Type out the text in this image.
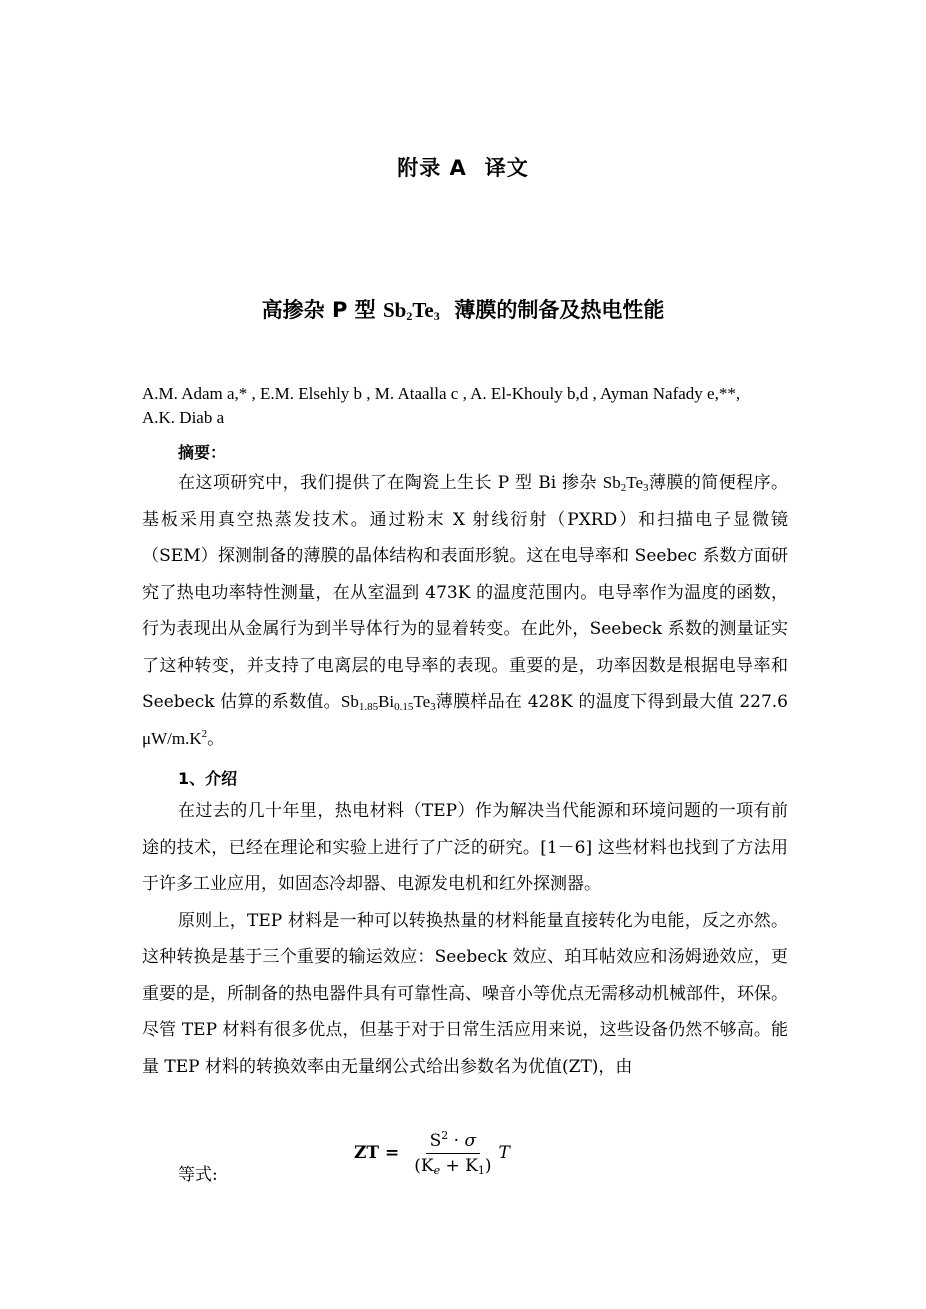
附录 A 译文
高掺杂 P 型 $Sb_2Te_3$  薄膜的制备及热电性能
A.M. Adam a,* , E.M. Elsehly b , M. Ataalla c , A. El-Khouly b,d , Ayman Nafady e,**,
A.K. Diab a
摘要：

在这项研究中，我们提供了在陶瓷上生长 P 型 Bi 掺杂 $Sb_2Te_3$薄膜的简便程序。基板采用真空热蒸发技术。通过粉末 X 射线衍射（PXRD）和扫描电子显微镜（SEM）探测制备的薄膜的晶体结构和表面形貌。这在电导率和 Seebec 系数方面研究了热电功率特性测量，在从室温到 473K 的温度范围内。电导率作为温度的函数，行为表现出从金属行为到半导体行为的显着转变。在此外，Seebeck 系数的测量证实了这种转变，并支持了电离层的电导率的表现。重要的是，功率因数是根据电导率和 Seebeck 估算的系数值。$Sb_{1.85}Bi_{0.15}Te_3$薄膜样品在 428K 的温度下得到最大值 227.6 $\mu W/m.K^2$。

1、介绍

在过去的几十年里，热电材料（TEP）作为解决当代能源和环境问题的一项有前途的技术，已经在理论和实验上进行了广泛的研究。[1－6] 这些材料也找到了方法用于许多工业应用，如固态冷却器、电源发电机和红外探测器。

原则上，TEP 材料是一种可以转换热量的材料能量直接转化为电能，反之亦然。这种转换是基于三个重要的输运效应：Seebeck 效应、珀耳帖效应和汤姆逊效应，更重要的是，所制备的热电器件具有可靠性高、噪音小等优点无需移动机械部件，环保。尽管 TEP 材料有很多优点，但基于对于日常生活应用来说，这些设备仍然不够高。能量 TEP 材料的转换效率由无量纲公式给出参数名为优值(ZT)，由

等式:
ZT = $\frac{S^2 \cdot \sigma}{(K_e + K_1)}$ T
